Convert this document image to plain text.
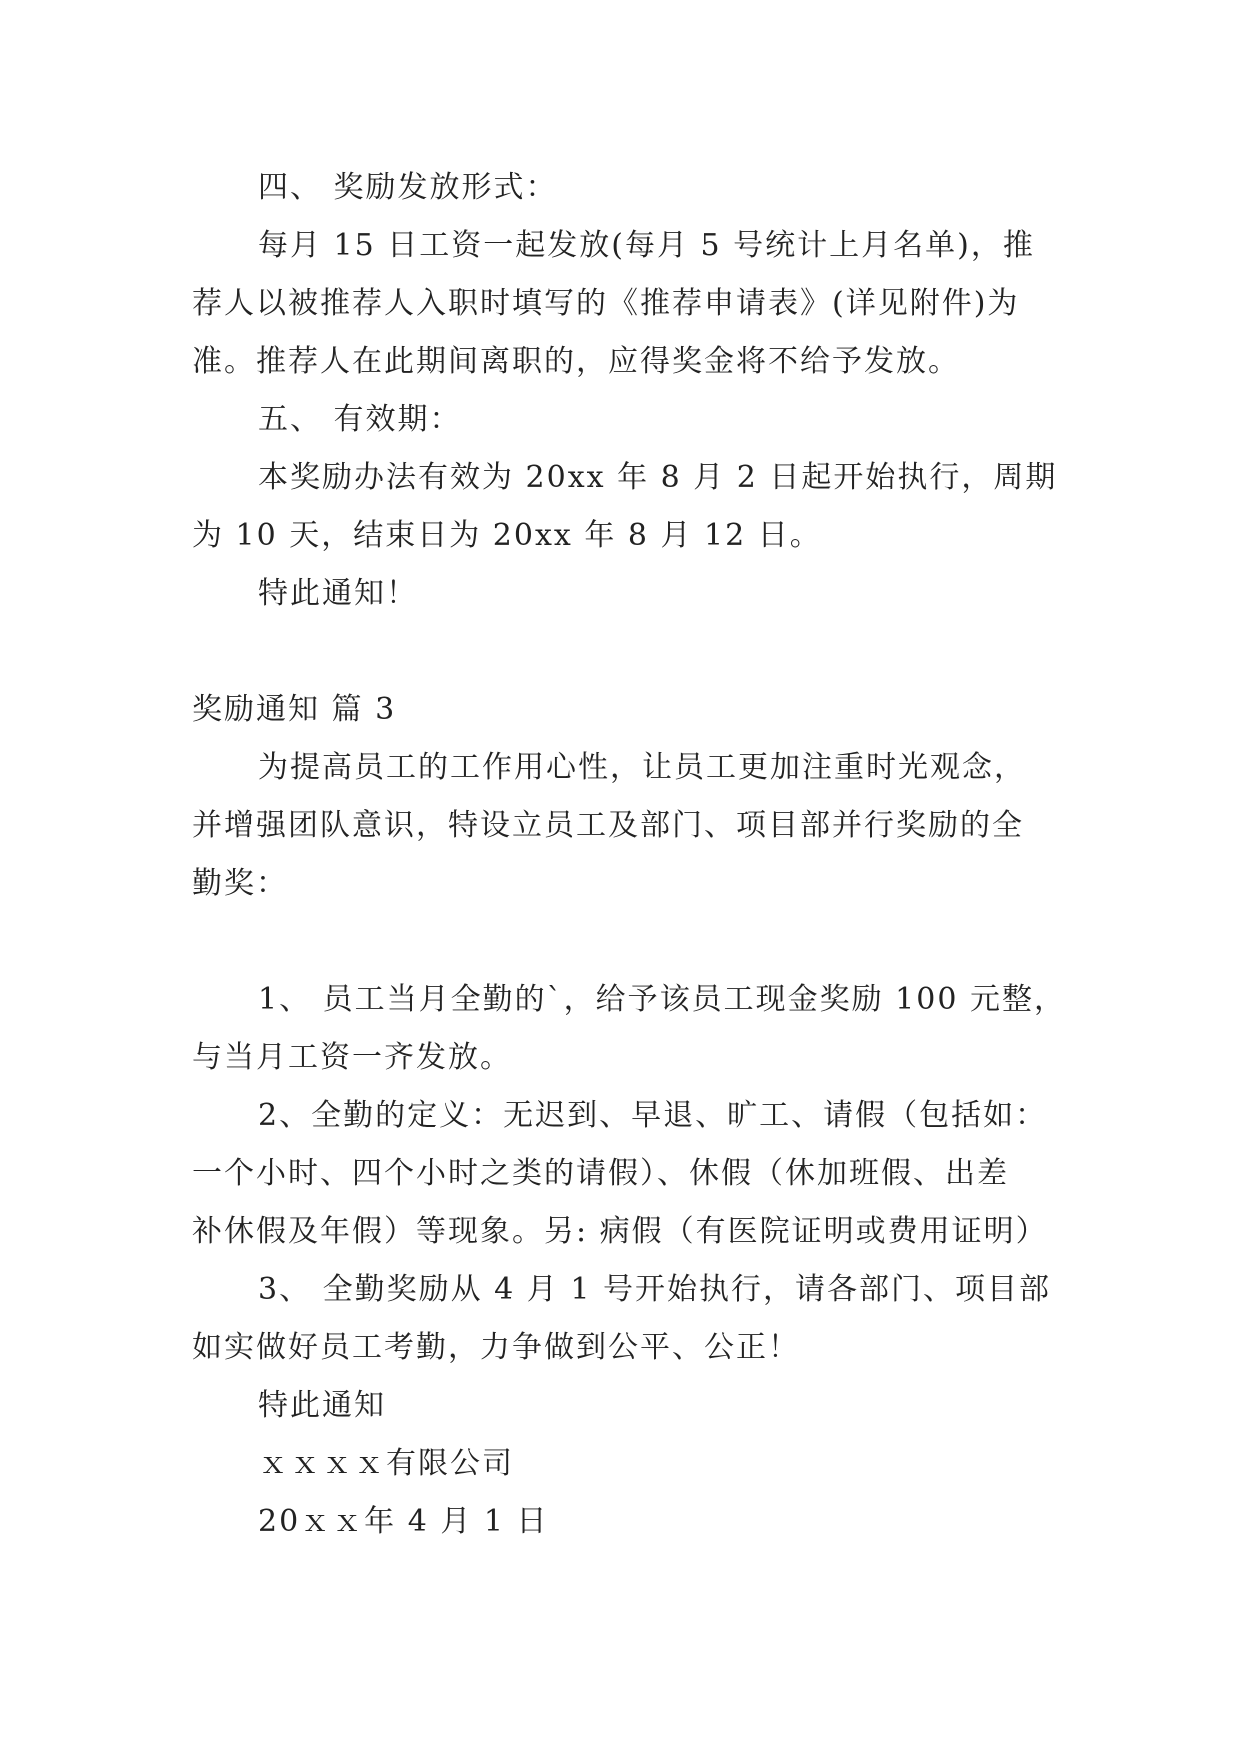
四、 奖励发放形式：
每月 15 日工资一起发放(每月 5 号统计上月名单)，推
荐人以被推荐人入职时填写的《推荐申请表》(详见附件)为
准。推荐人在此期间离职的，应得奖金将不给予发放。
五、 有效期：
本奖励办法有效为 20xx 年 8 月 2 日起开始执行，周期
为 10 天，结束日为 20xx 年 8 月 12 日。
特此通知！
奖励通知 篇 3
为提高员工的工作用心性，让员工更加注重时光观念，
并增强团队意识，特设立员工及部门、项目部并行奖励的全
勤奖：
1、 员工当月全勤的`，给予该员工现金奖励 100 元整，
与当月工资一齐发放。
2、全勤的定义：无迟到、早退、旷工、请假（包括如：
一个小时、四个小时之类的请假）、休假（休加班假、出差
补休假及年假）等现象。另: 病假（有医院证明或费用证明）
3、 全勤奖励从 4 月 1 号开始执行，请各部门、项目部
如实做好员工考勤，力争做到公平、公正！
特此通知
ｘｘｘｘ有限公司
20ｘｘ年 4 月 1 日
